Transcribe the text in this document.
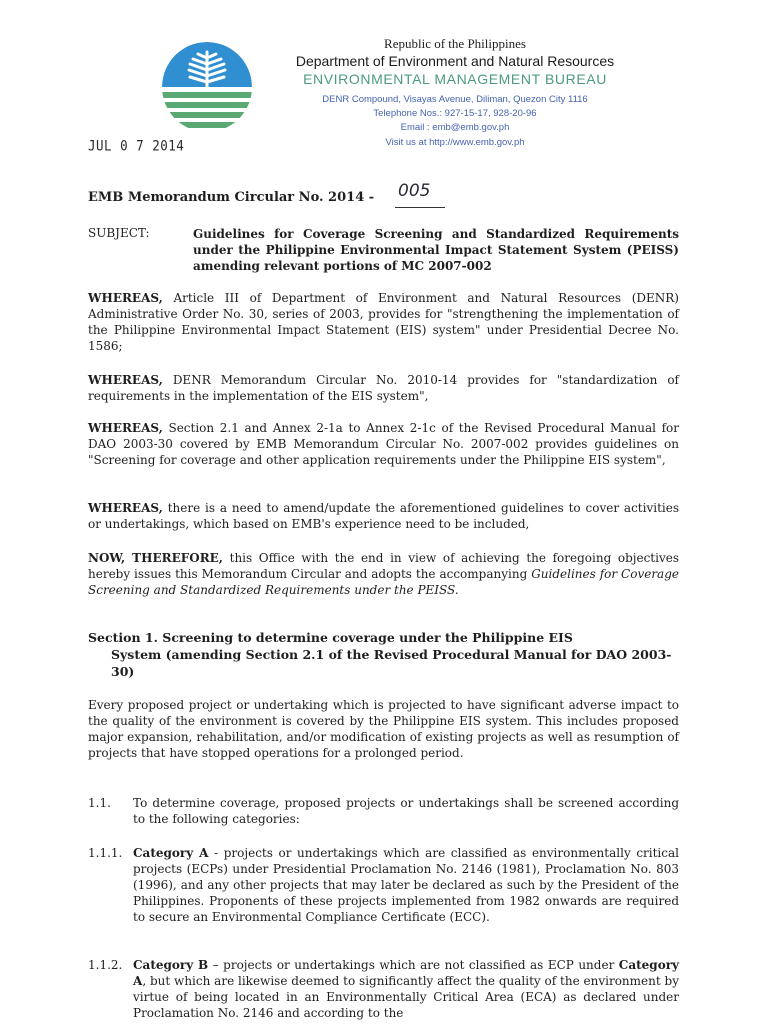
Republic of the Philippines
Department of Environment and Natural Resources
ENVIRONMENTAL MANAGEMENT BUREAU
DENR Compound, Visayas Avenue, Diliman, Quezon City 1116
Telephone Nos.: 927-15-17, 928-20-96
Email : emb@emb.gov.ph
Visit us at http://www.emb.gov.ph
JUL 0 7 2014
EMB Memorandum Circular No. 2014 - 005
SUBJECT:	Guidelines for Coverage Screening and Standardized Requirements under the Philippine Environmental Impact Statement System (PEISS) amending relevant portions of MC 2007-002
WHEREAS, Article III of Department of Environment and Natural Resources (DENR) Administrative Order No. 30, series of 2003, provides for "strengthening the implementation of the Philippine Environmental Impact Statement (EIS) system" under Presidential Decree No. 1586;
WHEREAS, DENR Memorandum Circular No. 2010-14 provides for "standardization of requirements in the implementation of the EIS system",
WHEREAS, Section 2.1 and Annex 2-1a to Annex 2-1c of the Revised Procedural Manual for DAO 2003-30 covered by EMB Memorandum Circular No. 2007-002 provides guidelines on "Screening for coverage and other application requirements under the Philippine EIS system",
WHEREAS, there is a need to amend/update the aforementioned guidelines to cover activities or undertakings, which based on EMB's experience need to be included,
NOW, THEREFORE, this Office with the end in view of achieving the foregoing objectives hereby issues this Memorandum Circular and adopts the accompanying Guidelines for Coverage Screening and Standardized Requirements under the PEISS.
Section 1. Screening to determine coverage under the Philippine EIS
System (amending Section 2.1 of the Revised Procedural Manual for DAO 2003-30)
Every proposed project or undertaking which is projected to have significant adverse impact to the quality of the environment is covered by the Philippine EIS system. This includes proposed major expansion, rehabilitation, and/or modification of existing projects as well as resumption of projects that have stopped operations for a prolonged period.
1.1. To determine coverage, proposed projects or undertakings shall be screened according to the following categories:
1.1.1. Category A - projects or undertakings which are classified as environmentally critical projects (ECPs) under Presidential Proclamation No. 2146 (1981), Proclamation No. 803 (1996), and any other projects that may later be declared as such by the President of the Philippines. Proponents of these projects implemented from 1982 onwards are required to secure an Environmental Compliance Certificate (ECC).
1.1.2. Category B – projects or undertakings which are not classified as ECP under Category A, but which are likewise deemed to significantly affect the quality of the environment by virtue of being located in an Environmentally Critical Area (ECA) as declared under Proclamation No. 2146 and according to the
